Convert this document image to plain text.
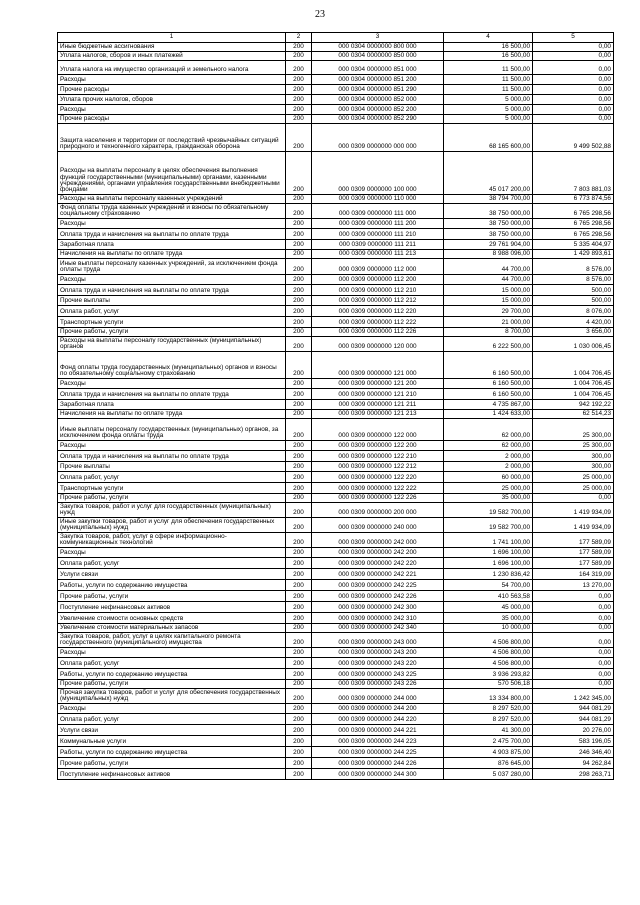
23
1	2	3	4	5
Иные бюджетные ассигнования	200	000 0304 0000000 800 000	16 500,00	0,00
Уплата налогов, сборов и иных платежей	200	000 0304 0000000 850 000	16 500,00	0,00
Уплата налога на имущество организаций и земельного налога	200	000 0304 0000000 851 000	11 500,00	0,00
Расходы	200	000 0304 0000000 851 200	11 500,00	0,00
Прочие расходы	200	000 0304 0000000 851 290	11 500,00	0,00
Уплата прочих налогов, сборов	200	000 0304 0000000 852 000	5 000,00	0,00
Расходы	200	000 0304 0000000 852 200	5 000,00	0,00
Прочие расходы	200	000 0304 0000000 852 290	5 000,00	0,00
Защита населения и территории от последствий чрезвычайных ситуаций природного и техногенного характера, гражданская оборона	200	000 0309 0000000 000 000	68 165 600,00	9 499 502,88
Расходы на выплаты персоналу в целях обеспечения выполнения функций государственными (муниципальными) органами, казенными учреждениями, органами управления государственными внебюджетными фондами	200	000 0309 0000000 100 000	45 017 200,00	7 803 881,03
Расходы на выплаты персоналу казенных учреждений	200	000 0309 0000000 110 000	38 794 700,00	6 773 874,56
Фонд оплаты труда казенных учреждений и взносы по обязательному социальному страхованию	200	000 0309 0000000 111 000	38 750 000,00	6 765 298,56
Расходы	200	000 0309 0000000 111 200	38 750 000,00	6 765 298,56
Оплата труда и начисления на выплаты по оплате труда	200	000 0309 0000000 111 210	38 750 000,00	6 765 298,56
Заработная плата	200	000 0309 0000000 111 211	29 761 904,00	5 335 404,97
Начисления на выплаты по оплате труда	200	000 0309 0000000 111 213	8 988 096,00	1 429 893,61
Иные выплаты персоналу казенных учреждений, за исключением фонда оплаты труда	200	000 0309 0000000 112 000	44 700,00	8 576,00
Расходы	200	000 0309 0000000 112 200	44 700,00	8 576,00
Оплата труда и начисления на выплаты по оплате труда	200	000 0309 0000000 112 210	15 000,00	500,00
Прочие выплаты	200	000 0309 0000000 112 212	15 000,00	500,00
Оплата работ, услуг	200	000 0309 0000000 112 220	29 700,00	8 076,00
Транспортные услуги	200	000 0309 0000000 112 222	21 000,00	4 420,00
Прочие работы, услуги	200	000 0309 0000000 112 226	8 700,00	3 656,00
Расходы на выплаты персоналу государственных (муниципальных) органов	200	000 0309 0000000 120 000	6 222 500,00	1 030 006,45
Фонд оплаты труда государственных (муниципальных) органов и взносы по обязательному социальному страхованию	200	000 0309 0000000 121 000	6 160 500,00	1 004 706,45
Расходы	200	000 0309 0000000 121 200	6 160 500,00	1 004 706,45
Оплата труда и начисления на выплаты по оплате труда	200	000 0309 0000000 121 210	6 160 500,00	1 004 706,45
Заработная плата	200	000 0309 0000000 121 211	4 735 867,00	942 192,22
Начисления на выплаты по оплате труда	200	000 0309 0000000 121 213	1 424 633,00	62 514,23
Иные выплаты персоналу государственных (муниципальных) органов, за исключением фонда оплаты труда	200	000 0309 0000000 122 000	62 000,00	25 300,00
Расходы	200	000 0309 0000000 122 200	62 000,00	25 300,00
Оплата труда и начисления на выплаты по оплате труда	200	000 0309 0000000 122 210	2 000,00	300,00
Прочие выплаты	200	000 0309 0000000 122 212	2 000,00	300,00
Оплата работ, услуг	200	000 0309 0000000 122 220	60 000,00	25 000,00
Транспортные услуги	200	000 0309 0000000 122 222	25 000,00	25 000,00
Прочие работы, услуги	200	000 0309 0000000 122 226	35 000,00	0,00
Закупка товаров, работ и услуг для государственных (муниципальных) нужд	200	000 0309 0000000 200 000	19 582 700,00	1 419 934,09
Иные закупки товаров, работ и услуг для обеспечения государственных (муниципальных) нужд	200	000 0309 0000000 240 000	19 582 700,00	1 419 934,09
Закупка товаров, работ, услуг в сфере информационно-коммуникационных технологий	200	000 0309 0000000 242 000	1 741 100,00	177 589,09
Расходы	200	000 0309 0000000 242 200	1 696 100,00	177 589,09
Оплата работ, услуг	200	000 0309 0000000 242 220	1 696 100,00	177 589,09
Услуги связи	200	000 0309 0000000 242 221	1 230 836,42	164 319,09
Работы, услуги по содержанию имущества	200	000 0309 0000000 242 225	54 700,00	13 270,00
Прочие работы, услуги	200	000 0309 0000000 242 226	410 563,58	0,00
Поступление нефинансовых активов	200	000 0309 0000000 242 300	45 000,00	0,00
Увеличение стоимости основных средств	200	000 0309 0000000 242 310	35 000,00	0,00
Увеличение стоимости материальных запасов	200	000 0309 0000000 242 340	10 000,00	0,00
Закупка товаров, работ, услуг в целях капитального ремонта государственного (муниципального) имущества	200	000 0309 0000000 243 000	4 506 800,00	0,00
Расходы	200	000 0309 0000000 243 200	4 506 800,00	0,00
Оплата работ, услуг	200	000 0309 0000000 243 220	4 506 800,00	0,00
Работы, услуги по содержанию имущества	200	000 0309 0000000 243 225	3 936 293,82	0,00
Прочие работы, услуги	200	000 0309 0000000 243 226	570 506,18	0,00
Прочая закупка товаров, работ и услуг для обеспечения государственных (муниципальных) нужд	200	000 0309 0000000 244 000	13 334 800,00	1 242 345,00
Расходы	200	000 0309 0000000 244 200	8 297 520,00	944 081,29
Оплата работ, услуг	200	000 0309 0000000 244 220	8 297 520,00	944 081,29
Услуги связи	200	000 0309 0000000 244 221	41 300,00	20 276,00
Коммунальные услуги	200	000 0309 0000000 244 223	2 475 700,00	583 196,05
Работы, услуги по содержанию имущества	200	000 0309 0000000 244 225	4 903 875,00	246 346,40
Прочие работы, услуги	200	000 0309 0000000 244 226	876 645,00	94 262,84
Поступление нефинансовых активов	200	000 0309 0000000 244 300	5 037 280,00	298 263,71
